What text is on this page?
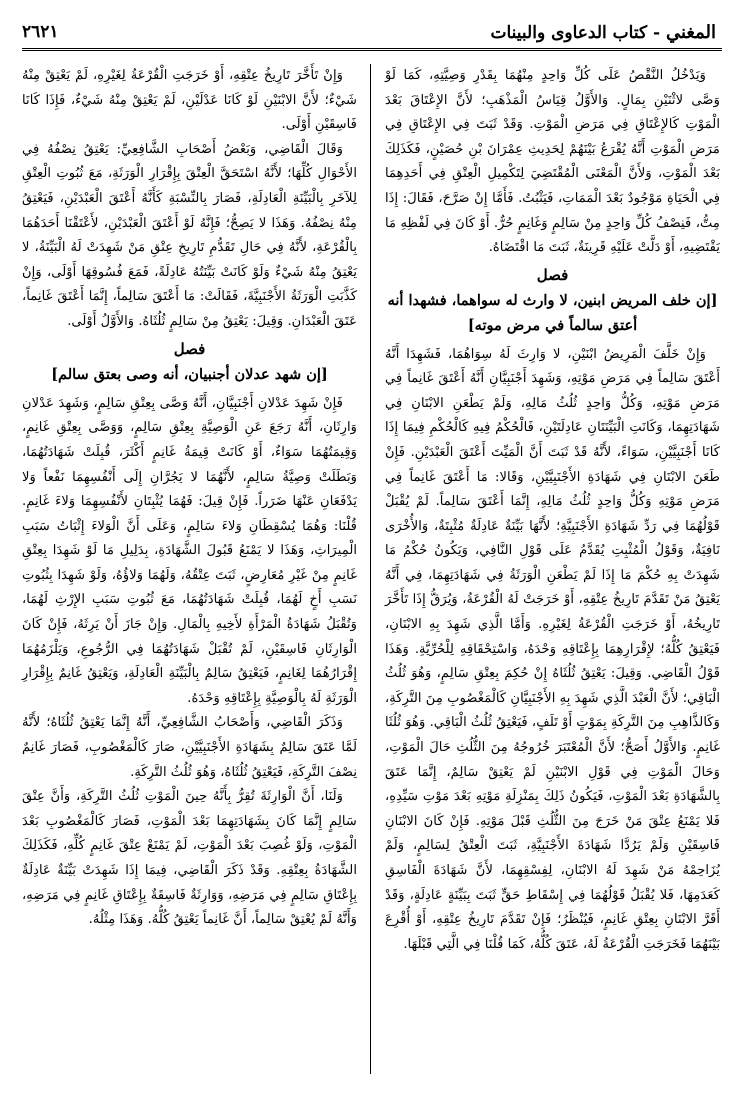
٢٦٢١	المغني - كتاب الدعاوى والبينات

وَيَدْخُلُ النَّقْصُ عَلَى كُلِّ وَاحِدٍ مِنْهُمَا بِقَدْرِ وَصِيَّتِهِ، كَمَا لَوْ وَصَّى لاثْنَيْنِ بِمَالٍ. وَالأَوَّلُ قِيَاسُ الْمَذْهَبِ؛ لأَنَّ الإِعْتَاقَ بَعْدَ الْمَوْتِ كَالإِعْتَاقِ فِي مَرَضِ الْمَوْتِ. وَقَدْ ثَبَتَ فِي الإِعْتَاقِ فِي مَرَضِ الْمَوْتِ أَنَّهُ يُقْرَعُ بَيْنَهُمْ لِحَدِيثِ عِمْرَانَ بْنِ حُصَيْنٍ، فَكَذَلِكَ بَعْدَ الْمَوْتِ، وَلأَنَّ الْمَعْنَى الْمُقْتَضِيَ لِتَكْمِيلِ الْعِتْقِ فِي أَحَدِهِمَا فِي الْحَيَاةِ مَوْجُودٌ بَعْدَ الْمَمَاتِ، فَيَثْبُتُ. فَأَمَّا إِنْ صَرَّحَ، فَقَالَ: إِذَا مِتُّ، فَنِصْفُ كُلِّ وَاحِدٍ مِنْ سَالِمٍ وَغَانِمٍ حُرٌّ. أَوْ كَانَ فِي لَفْظِهِ مَا يَقْتَضِيهِ، أَوْ دَلَّتْ عَلَيْهِ قَرِينَةٌ، ثَبَتَ مَا اقْتَضَاهُ.

فصل
[إن خلف المريض ابنين، لا وارث له سواهما، فشهدا أنه أعتق سالماً في مرض موته]

وَإِنْ خَلَّفَ الْمَرِيضُ ابْنَيْنِ، لا وَارِثَ لَهُ سِوَاهُمَا، فَشَهِدَا أَنَّهُ أَعْتَقَ سَالِماً فِي مَرَضِ مَوْتِهِ، وَشَهِدَ أَجْنَبِيَّانِ أَنَّهُ أَعْتَقَ غَانِماً فِي مَرَضِ مَوْتِهِ، وَكُلُّ وَاحِدٍ ثُلُثُ مَالِهِ، وَلَمْ يَطْعَنِ الابْنَانِ فِي شَهَادَتِهِمَا، وَكَانَتِ الْبَيِّنَتَانِ عَادِلَتَيْنِ، فَالْحُكْمُ فِيهِ كَالْحُكْمِ فِيمَا إِذَا كَانَا أَجْنَبِيَّيْنِ، سَوَاءً، لأَنَّهُ قَدْ ثَبَتَ أَنَّ الْمَيِّتَ أَعْتَقَ الْعَبْدَيْنِ. فَإِنْ طَعَنَ الابْنَانِ فِي شَهَادَةِ الأَجْنَبِيَّيْنِ، وَقَالا: مَا أَعْتَقَ غَانِماً فِي مَرَضِ مَوْتِهِ وَكُلُّ وَاحِدٍ ثُلُثُ مَالِهِ، إِنَّمَا أَعْتَقَ سَالِماً. لَمْ يُقْبَلْ قَوْلُهُمَا فِي رَدِّ شَهَادَةِ الأَجْنَبِيَّةِ؛ لأَنَّهَا بَيِّنَةٌ عَادِلَةٌ مُثْبِتَةٌ، وَالأُخْرَى نَافِيَةٌ، وَقَوْلُ الْمُثْبِتِ يُقَدَّمُ عَلَى قَوْلِ النَّافِي، وَيَكُونُ حُكْمُ مَا شَهِدَتْ بِهِ حُكْمَ مَا إِذَا لَمْ يَطْعَنِ الْوَرَثَةُ فِي شَهَادَتِهِمَا، فِي أَنَّهُ يَعْتِقُ مَنْ تَقَدَّمَ تَارِيخُ عِتْقِهِ، أَوْ خَرَجَتْ لَهُ الْقُرْعَةُ، وَيُرَقُّ إِذَا تَأَخَّرَ تَارِيخُهُ، أَوْ خَرَجَتِ الْقُرْعَةُ لِغَيْرِهِ. وَأَمَّا الَّذِي شَهِدَ بِهِ الابْنَانِ، فَيَعْتِقُ كُلُّهُ؛ لإِقْرَارِهِمَا بِإِعْتَاقِهِ وَحْدَهُ، وَاسْتِحْقَاقِهِ لِلْحُرِّيَّةِ. وَهَذَا قَوْلُ الْقَاضِي. وَقِيلَ: يَعْتِقُ ثُلُثَاهُ إِنْ حُكِمَ بِعِتْقِ سَالِمٍ، وَهُوَ ثُلُثُ الْبَاقِي؛ لأَنَّ الْعَبْدَ الَّذِي شَهِدَ بِهِ الأَجْنَبِيَّانِ كَالْمَغْصُوبِ مِنَ التَّرِكَةِ، وَكَالذَّاهِبِ مِنَ التَّرِكَةِ بِمَوْتٍ أَوْ تَلَفٍ، فَيَعْتِقُ ثُلُثُ الْبَاقِي. وَهُوَ ثُلُثَا غَانِمٍ. وَالأَوَّلُ أَصَحُّ؛ لأَنَّ الْمُعْتَبَرَ خُرُوجُهُ مِنَ الثُّلُثِ حَالَ الْمَوْتِ، وَحَالَ الْمَوْتِ فِي قَوْلِ الابْنَيْنِ لَمْ يَعْتِقْ سَالِمٌ، إِنَّمَا عَتَقَ بِالشَّهَادَةِ بَعْدَ الْمَوْتِ، فَيَكُونُ ذَلِكَ بِمَنْزِلَةِ مَوْتِهِ بَعْدَ مَوْتِ سَيِّدِهِ، فَلا يَمْنَعُ عِتْقَ مَنْ خَرَجَ مِنَ الثُّلُثِ قَبْلَ مَوْتِهِ. فَإِنْ كَانَ الابْنَانِ فَاسِقَيْنِ وَلَمْ يَرُدَّا شَهَادَةَ الأَجْنَبِيَّةِ، ثَبَتَ الْعِتْقُ لِسَالِمٍ، وَلَمْ يُزَاحِمْهُ مَنْ شَهِدَ لَهُ الابْنَانِ، لِفِسْقِهِمَا، لأَنَّ شَهَادَةَ الْفَاسِقِ كَعَدَمِهَا، فَلا يُقْبَلُ قَوْلُهُمَا فِي إِسْقَاطِ حَقٍّ ثَبَتَ بِبَيِّنَةٍ عَادِلَةٍ، وَقَدْ أَقَرَّ الابْنَانِ بِعِتْقِ غَانِمٍ، فَيُنْظَرُ؛ فَإِنْ تَقَدَّمَ تَارِيخُ عِتْقِهِ، أَوْ أُقْرِعَ بَيْنَهُمَا فَخَرَجَتِ الْقُرْعَةُ لَهُ، عَتَقَ كُلُّهُ، كَمَا قُلْنَا فِي الَّتِي قَبْلَهَا.

وَإِنْ تَأَخَّرَ تَارِيخُ عِتْقِهِ، أَوْ خَرَجَتِ الْقُرْعَةُ لِغَيْرِهِ، لَمْ يَعْتِقْ مِنْهُ شَيْءٌ؛ لأَنَّ الابْنَيْنِ لَوْ كَانَا عَدْلَيْنِ، لَمْ يَعْتِقْ مِنْهُ شَيْءٌ، فَإِذَا كَانَا فَاسِقَيْنِ أَوْلَى.

وَقَالَ الْقَاضِي، وَبَعْضُ أَصْحَابِ الشَّافِعِيِّ: يَعْتِقُ نِصْفُهُ فِي الأَحْوَالِ كُلِّهَا؛ لأَنَّهُ اسْتَحَقَّ الْعِتْقَ بِإِقْرَارِ الْوَرَثَةِ، مَعَ ثُبُوتِ الْعِتْقِ لِلآخَرِ بِالْبَيِّنَةِ الْعَادِلَةِ، فَصَارَ بِالنِّسْبَةِ كَأَنَّهُ أَعْتَقَ الْعَبْدَيْنِ، فَيَعْتِقُ مِنْهُ نِصْفُهُ. وَهَذَا لا يَصِحُّ؛ فَإِنَّهُ لَوْ أَعْتَقَ الْعَبْدَيْنِ، لأَعْتَقْنَا أَحَدَهُمَا بِالْقُرْعَةِ، لأَنَّهُ فِي حَالِ تَقَدُّمِ تَارِيخِ عِتْقِ مَنْ شَهِدَتْ لَهُ الْبَيِّنَةُ، لا يَعْتِقُ مِنْهُ شَيْءٌ وَلَوْ كَانَتْ بَيِّنَتُهُ عَادِلَةً، فَمَعَ فُسُوقِهَا أَوْلَى، وَإِنْ كَذَّبَتِ الْوَرَثَةُ الأَجْنَبِيَّةَ، فَقَالَتْ: مَا أَعْتَقَ سَالِماً، إِنَّمَا أَعْتَقَ غَانِماً، عَتَقَ الْعَبْدَانِ. وَقِيلَ: يَعْتِقُ مِنْ سَالِمٍ ثُلُثَاهُ. وَالأَوَّلُ أَوْلَى.

فصل
[إن شهد عدلان أجنبيان، أنه وصى بعتق سالم]

فَإِنْ شَهِدَ عَدْلانِ أَجْنَبِيَّانِ، أَنَّهُ وَصَّى بِعِتْقِ سَالِمٍ، وَشَهِدَ عَدْلانِ وَارِثَانِ، أَنَّهُ رَجَعَ عَنِ الْوَصِيَّةِ بِعِتْقِ سَالِمٍ، وَوَصَّى بِعِتْقِ غَانِمٍ، وَقِيمَتُهُمَا سَوَاءٌ، أَوْ كَانَتْ قِيمَةُ غَانِمٍ أَكْثَرَ، قُبِلَتْ شَهَادَتُهُمَا، وَبَطَلَتْ وَصِيَّةُ سَالِمٍ، لأَنَّهُمَا لا يَجُرَّانِ إِلَى أَنْفُسِهِمَا نَفْعاً وَلا يَدْفَعَانِ عَنْهَا ضَرَراً. فَإِنْ قِيلَ: فَهُمَا يُثْبِتَانِ لأَنْفُسِهِمَا وَلاءَ غَانِمٍ. قُلْنَا: وَهُمَا يُسْقِطَانِ وَلاءَ سَالِمٍ، وَعَلَى أَنَّ الْوَلاءَ إِثْبَاتُ سَبَبِ الْمِيرَاثِ، وَهَذَا لا يَمْنَعُ قَبُولَ الشَّهَادَةِ، بِدَلِيلِ مَا لَوْ شَهِدَا بِعِتْقِ غَانِمٍ مِنْ غَيْرِ مُعَارِضٍ، ثَبَتَ عِتْقُهُ، وَلَهُمَا وَلاؤُهُ، وَلَوْ شَهِدَا بِثُبُوتِ نَسَبِ أَخٍ لَهُمَا، قُبِلَتْ شَهَادَتُهُمَا، مَعَ ثُبُوتِ سَبَبِ الإِرْثِ لَهُمَا، وَتُقْبَلُ شَهَادَةُ الْمَرْأَةِ لأَخِيهِ بِالْمَالِ. وَإِنْ جَازَ أَنْ يَرِثَهُ، فَإِنْ كَانَ الْوَارِثَانِ فَاسِقَيْنِ، لَمْ تُقْبَلْ شَهَادَتُهُمَا فِي الرُّجُوعِ، وَيَلْزَمُهُمَا إِقْرَارُهُمَا لِغَانِمٍ، فَيَعْتِقُ سَالِمٌ بِالْبَيِّنَةِ الْعَادِلَةِ، وَيَعْتِقُ غَانِمٌ بِإِقْرَارِ الْوَرَثَةِ لَهُ بِالْوَصِيَّةِ بِإِعْتَاقِهِ وَحْدَهُ.

وَذَكَرَ الْقَاضِي، وَأَصْحَابُ الشَّافِعِيِّ، أَنَّهُ إِنَّمَا يَعْتِقُ ثُلُثَاهُ؛ لأَنَّهُ لَمَّا عَتَقَ سَالِمٌ بِشَهَادَةِ الأَجْنَبِيَّيْنِ، صَارَ كَالْمَغْصُوبِ، فَصَارَ غَانِمٌ نِصْفَ التَّرِكَةِ، فَيَعْتِقُ ثُلُثَاهُ، وَهُوَ ثُلُثُ التَّرِكَةِ.

وَلَنَا، أَنَّ الْوَارِثَةَ تُقِرُّ بِأَنَّهُ حِينَ الْمَوْتِ ثُلُثُ التَّرِكَةِ، وَأَنَّ عِتْقَ سَالِمٍ إِنَّمَا كَانَ بِشَهَادَتِهِمَا بَعْدَ الْمَوْتِ، فَصَارَ كَالْمَغْصُوبِ بَعْدَ الْمَوْتِ، وَلَوْ غُصِبَ بَعْدَ الْمَوْتِ، لَمْ يَمْنَعْ عِتْقَ غَانِمٍ كُلِّهِ، فَكَذَلِكَ الشَّهَادَةُ بِعِتْقِهِ. وَقَدْ ذَكَرَ الْقَاضِي، فِيمَا إِذَا شَهِدَتْ بَيِّنَةٌ عَادِلَةٌ بِإِعْتَاقِ سَالِمٍ فِي مَرَضِهِ، وَوَارِثَةٌ فَاسِقَةٌ بِإِعْتَاقِ غَانِمٍ فِي مَرَضِهِ، وَأَنَّهُ لَمْ يُعْتِقْ سَالِماً، أَنَّ غَانِماً يَعْتِقُ كُلُّهُ. وَهَذَا مِثْلُهُ.
